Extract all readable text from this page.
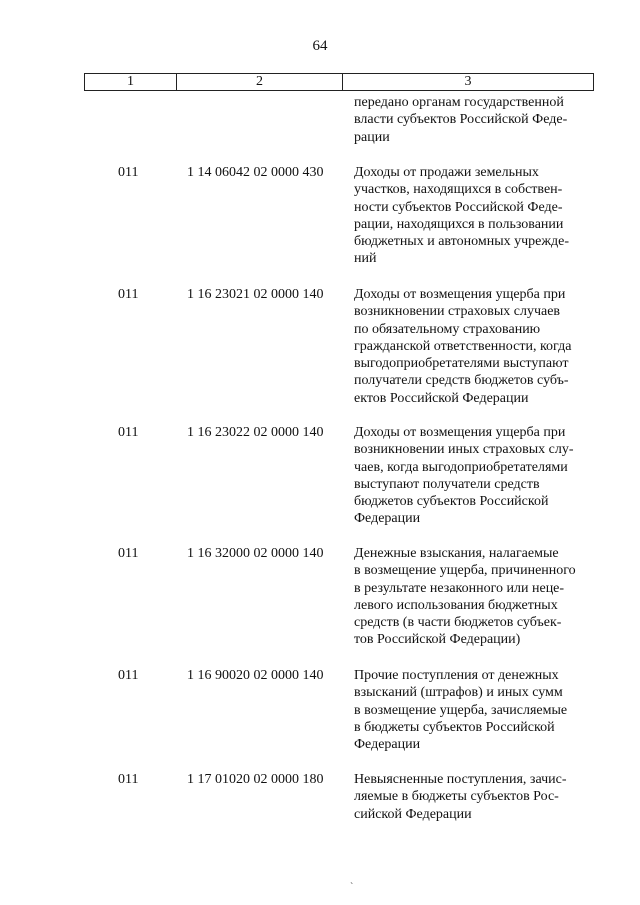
64
1	2	3
передано органам государственной
власти субъектов Российской Феде-
рации
011	1 14 06042 02 0000 430 Доходы от продажи земельных
участков, находящихся в собствен-
ности субъектов Российской Феде-
рации, находящихся в пользовании
бюджетных и автономных учрежде-
ний
011	1 16 23021 02 0000 140 Доходы от возмещения ущерба при
возникновении страховых случаев
по обязательному страхованию
гражданской ответственности, когда
выгодоприобретателями выступают
получатели средств бюджетов субъ-
ектов Российской Федерации
011	1 16 23022 02 0000 140 Доходы от возмещения ущерба при
возникновении иных страховых слу-
чаев, когда выгодоприобретателями
выступают получатели средств
бюджетов субъектов Российской
Федерации
011	1 16 32000 02 0000 140 Денежные взыскания, налагаемые
в возмещение ущерба, причиненного
в результате незаконного или неце-
левого использования бюджетных
средств (в части бюджетов субъек-
тов Российской Федерации)
011	1 16 90020 02 0000 140 Прочие поступления от денежных
взысканий (штрафов) и иных сумм
в возмещение ущерба, зачисляемые
в бюджеты субъектов Российской
Федерации
011	1 17 01020 02 0000 180 Невыясненные поступления, зачис-
ляемые в бюджеты субъектов Рос-
сийской Федерации
ˋ
